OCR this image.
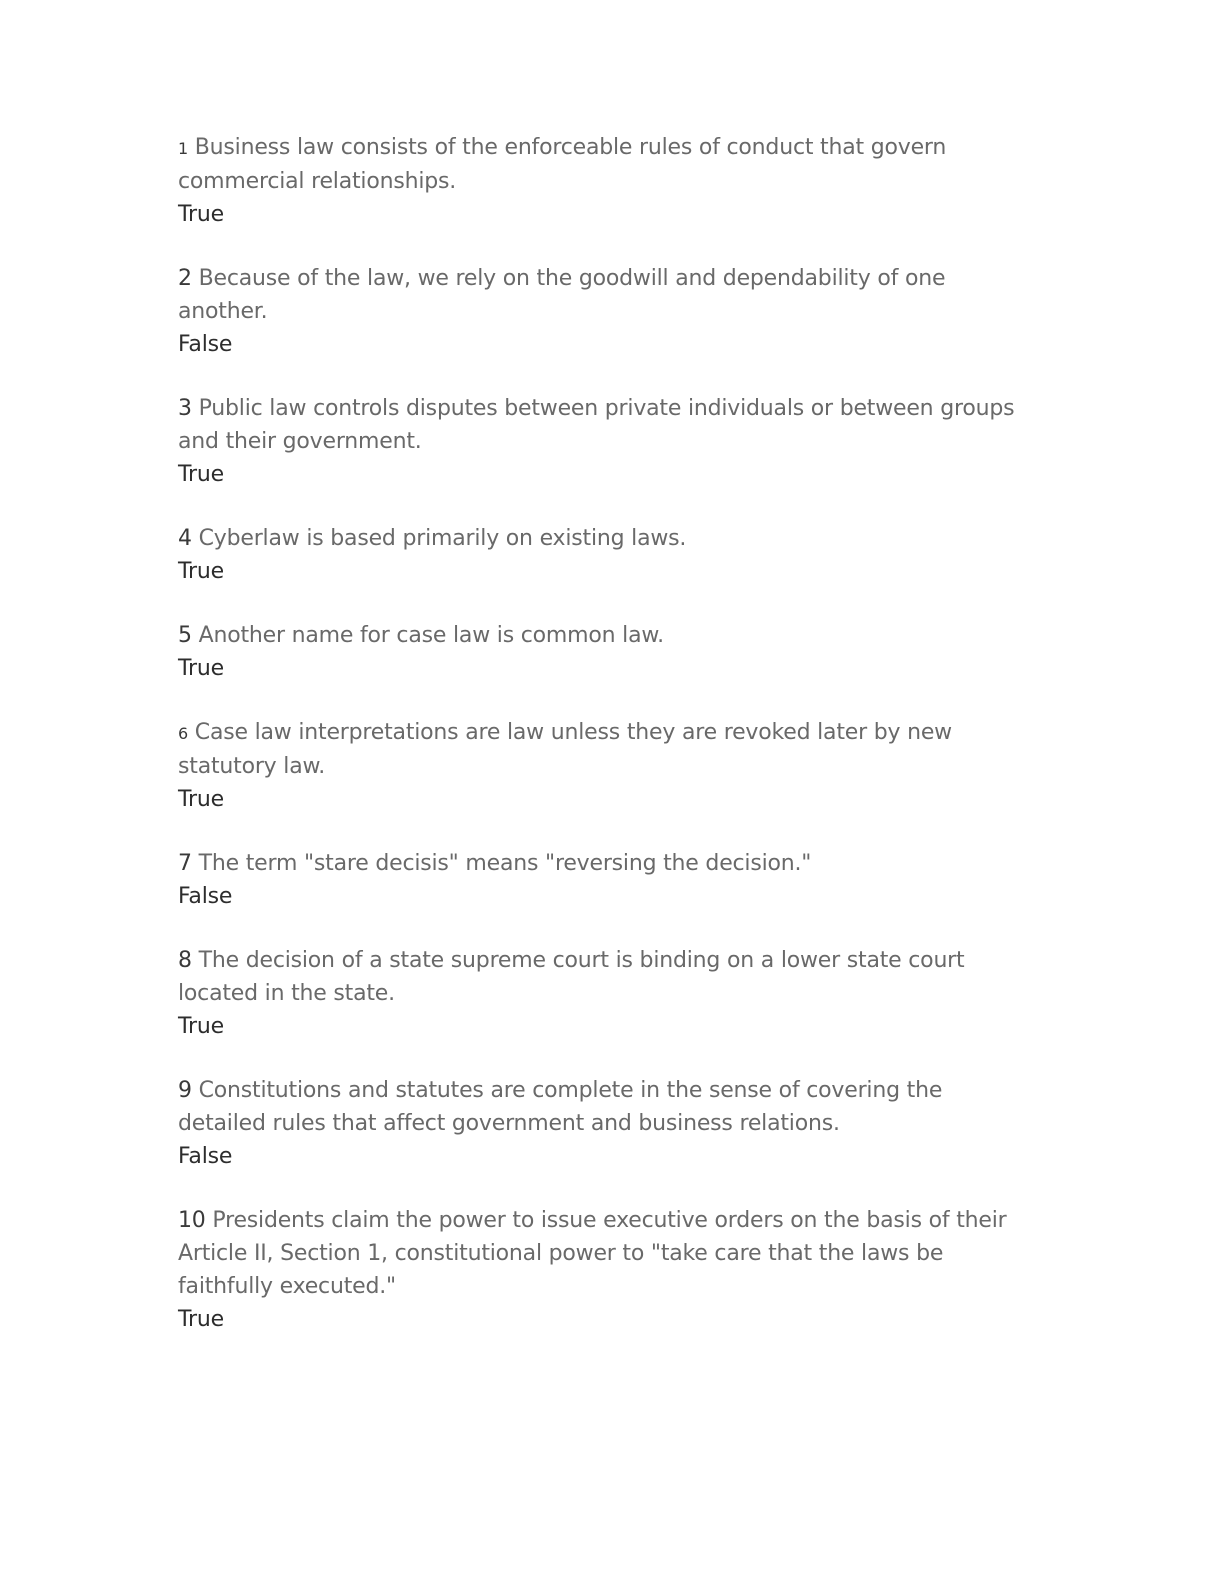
1 Business law consists of the enforceable rules of conduct that govern commercial relationships.

True

2 Because of the law, we rely on the goodwill and dependability of one another.

False

3 Public law controls disputes between private individuals or between groups and their government.

True

4 Cyberlaw is based primarily on existing laws.

True

5 Another name for case law is common law.

True

6 Case law interpretations are law unless they are revoked later by new statutory law.

True

7 The term "stare decisis" means "reversing the decision."

False

8 The decision of a state supreme court is binding on a lower state court located in the state.

True

9 Constitutions and statutes are complete in the sense of covering the detailed rules that affect government and business relations.

False

10 Presidents claim the power to issue executive orders on the basis of their Article II, Section 1, constitutional power to "take care that the laws be faithfully executed."

True
